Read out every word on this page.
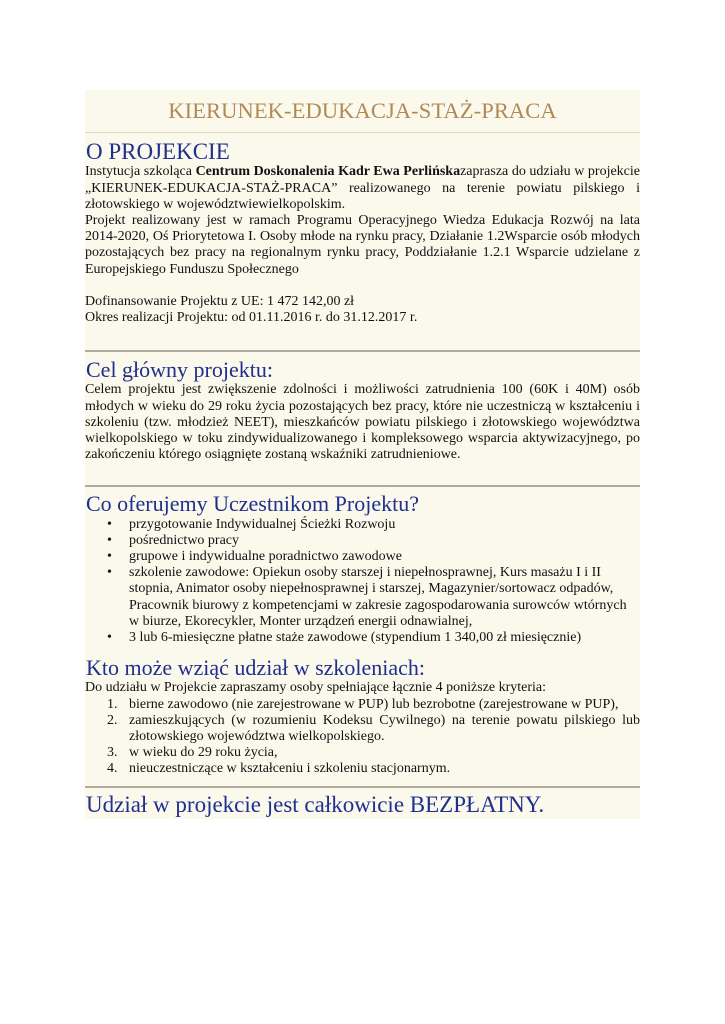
KIERUNEK-EDUKACJA-STAŻ-PRACA
O PROJEKCIE

Instytucja szkoląca Centrum Doskonalenia Kadr Ewa Perlińskazaprasza do udziału w projekcie „KIERUNEK-EDUKACJA-STAŻ-PRACA” realizowanego na terenie powiatu pilskiego i złotowskiego w województwiewielkopolskim.

Projekt realizowany jest w ramach Programu Operacyjnego Wiedza Edukacja Rozwój na lata 2014-2020, Oś Priorytetowa I. Osoby młode na rynku pracy, Działanie 1.2Wsparcie osób młodych pozostających bez pracy na regionalnym rynku pracy, Poddziałanie 1.2.1 Wsparcie udzielane z Europejskiego Funduszu Społecznego

Dofinansowanie Projektu z UE: 1 472 142,00 zł

Okres realizacji Projektu: od 01.11.2016 r. do 31.12.2017 r.

Cel główny projektu:

Celem projektu jest zwiększenie zdolności i możliwości zatrudnienia 100 (60K i 40M) osób młodych w wieku do 29 roku życia pozostających bez pracy, które nie uczestniczą w kształceniu i szkoleniu (tzw. młodzież NEET), mieszkańców powiatu pilskiego i złotowskiego województwa wielkopolskiego w toku zindywidualizowanego i kompleksowego wsparcia aktywizacyjnego, po zakończeniu którego osiągnięte zostaną wskaźniki zatrudnieniowe.

Co oferujemy Uczestnikom Projektu?
• przygotowanie Indywidualnej Ścieżki Rozwoju
• pośrednictwo pracy
• grupowe i indywidualne poradnictwo zawodowe
• szkolenie zawodowe: Opiekun osoby starszej i niepełnosprawnej, Kurs masażu I i II stopnia, Animator osoby niepełnosprawnej i starszej, Magazynier/sortowacz odpadów, Pracownik biurowy z kompetencjami w zakresie zagospodarowania surowców wtórnych w biurze, Ekorecykler, Monter urządzeń energii odnawialnej,
• 3 lub 6-miesięczne płatne staże zawodowe (stypendium 1 340,00 zł miesięcznie)
Kto może wziąć udział w szkoleniach:

Do udziału w Projekcie zapraszamy osoby spełniające łącznie 4 poniższe kryteria:

1. bierne zawodowo (nie zarejestrowane w PUP) lub bezrobotne (zarejestrowane w PUP),
2. zamieszkujących (w rozumieniu Kodeksu Cywilnego) na terenie powatu pilskiego lub złotowskiego województwa wielkopolskiego.
3. w wieku do 29 roku życia,
4. nieuczestniczące w kształceniu i szkoleniu stacjonarnym.
Udział w projekcie jest całkowicie BEZPŁATNY.
